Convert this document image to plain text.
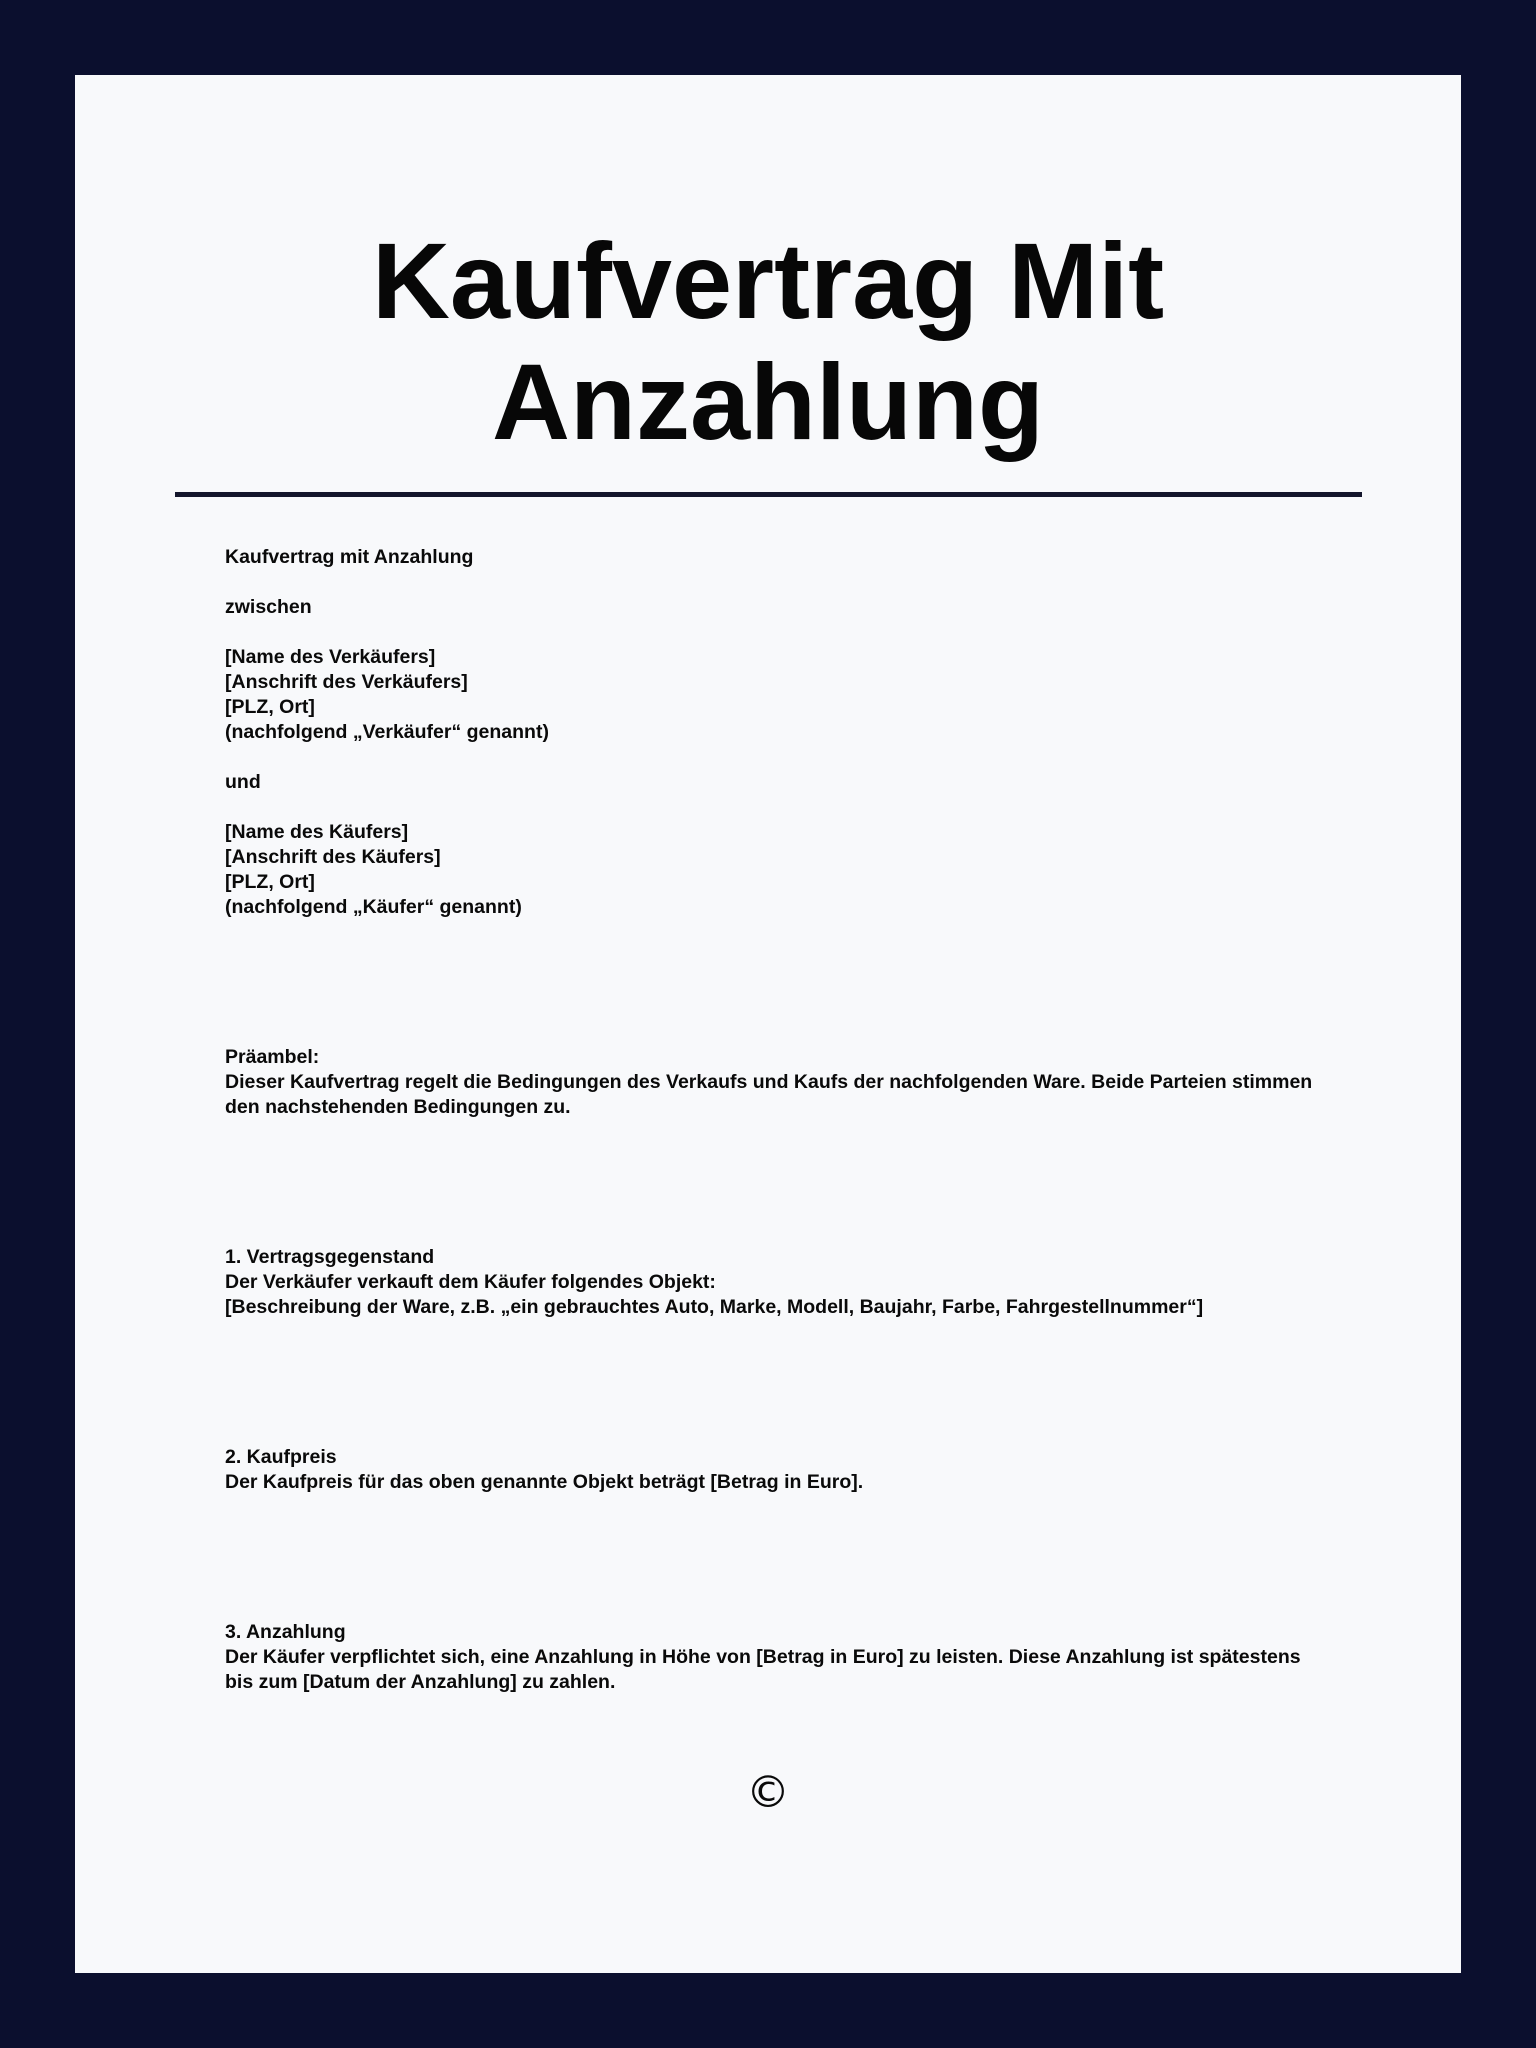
Kaufvertrag Mit
Anzahlung
Kaufvertrag mit Anzahlung
zwischen
[Name des Verkäufers]
[Anschrift des Verkäufers]
[PLZ, Ort]
(nachfolgend „Verkäufer“ genannt)
und
[Name des Käufers]
[Anschrift des Käufers]
[PLZ, Ort]
(nachfolgend „Käufer“ genannt)
Präambel:
Dieser Kaufvertrag regelt die Bedingungen des Verkaufs und Kaufs der nachfolgenden Ware. Beide Parteien stimmen
den nachstehenden Bedingungen zu.
1. Vertragsgegenstand
Der Verkäufer verkauft dem Käufer folgendes Objekt:
[Beschreibung der Ware, z.B. „ein gebrauchtes Auto, Marke, Modell, Baujahr, Farbe, Fahrgestellnummer“]
2. Kaufpreis
Der Kaufpreis für das oben genannte Objekt beträgt [Betrag in Euro].
3. Anzahlung
Der Käufer verpflichtet sich, eine Anzahlung in Höhe von [Betrag in Euro] zu leisten. Diese Anzahlung ist spätestens
bis zum [Datum der Anzahlung] zu zahlen.
©
